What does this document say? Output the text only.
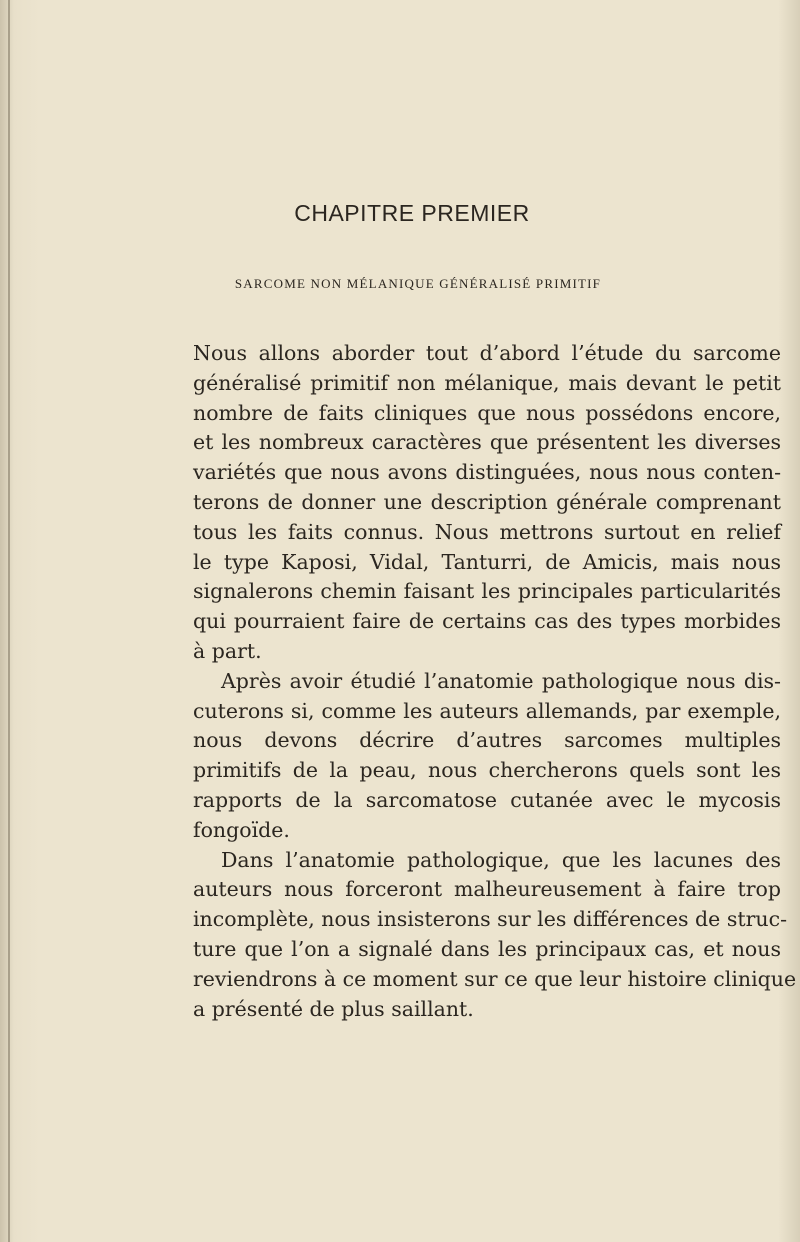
CHAPITRE PREMIER
SARCOME NON MÉLANIQUE GÉNÉRALISÉ PRIMITIF
Nous allons aborder tout d’abord l’étude du sarcome
généralisé primitif non mélanique, mais devant le petit
nombre de faits cliniques que nous possédons encore,
et les nombreux caractères que présentent les diverses
variétés que nous avons distinguées, nous nous conten-
terons de donner une description générale comprenant
tous les faits connus. Nous mettrons surtout en relief
le type Kaposi, Vidal, Tanturri, de Amicis, mais nous
signalerons chemin faisant les principales particularités
qui pourraient faire de certains cas des types morbides
à part.
Après avoir étudié l’anatomie pathologique nous dis-
cuterons si, comme les auteurs allemands, par exemple,
nous devons décrire d’autres sarcomes multiples
primitifs de la peau, nous chercherons quels sont les
rapports de la sarcomatose cutanée avec le mycosis
fongoïde.
Dans l’anatomie pathologique, que les lacunes des
auteurs nous forceront malheureusement à faire trop
incomplète, nous insisterons sur les différences de struc-
ture que l’on a signalé dans les principaux cas, et nous
reviendrons à ce moment sur ce que leur histoire clinique
a présenté de plus saillant.
